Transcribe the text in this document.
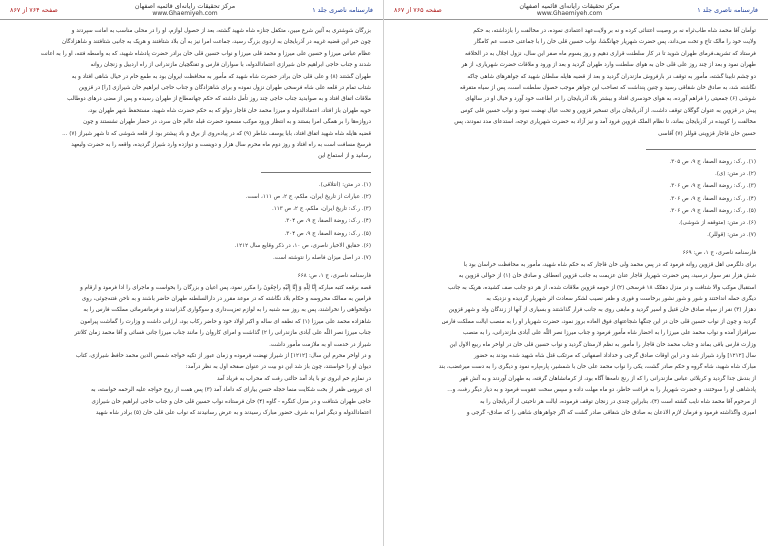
فارسنامه ناصری جلد ۱
مرکز تحقیقات رایانه‌ای قائمیه اصفهان
www.Ghaemiyeh.com
صفحه ۷۶۴ از ۸۶۷
بزرگان شوشتری به آئین شرع مبین، متکفل جنازه شاه شهید گشته، بعد از حصول لوازم، او را در محلی مناسب به امانت سپردند و
چون خبر این قضیه غریبه در آذربایجان به اردوی بزرگ رسید، جماعت امرا نیز به آن بلاد شتافتند و هریک به جانبی شتافتند و شاهزادگان
عظام عباس میرزا و حسین علی میرزا و محمد قلی میرزا و نواب حسین قلی خان برادر حضرت پادشاه شهید، که به واسطه فتنه، او را به اعانت
شدند و جناب حاجی ابراهیم خان شیرازی اعتمادالدوله، با سواران فارس و تفنگچیان مازندرانی از راه اردبیل و زنجان روانه
طهران گشتند (۸) و علی قلی خان برادر حضرت شاه شهید که مأمور به محافظت ایروان بود به طمع خام در خیال شاهی افتاد و به
شتاب تمام در قلعه علی شاه فرسخی طهران نزول نموده و برای شاهزادگان و جناب حاجی ابراهیم خان شیرازی [را] در قزوین
ملاقات اتفاق افتاد و به صوابدید جناب حاجی چند روز تأمل داشته که حکم جهانمطاع از طهران رسیده و پس از مضی درهای دوطالب
حویه طهران باز افتاد، اعتمادالدوله و میرزا محمد خان قاجار دولو که به حکم حضرت شاه شهید، مستحفظ شهر طهران بود،
دروازه‌ها را بر همگی امرا بستند و به انتظار ورود موکب مسعود حضرت قبله عالم خان سرد، در حضار طهران نشستند و چون
قضیه هایله شاه شهید اتفاق افتاد، بابا یوسف شاطر (۹) که در پیاده‌روی از برق و باد پیشتر بود از قلعه شوشی که تا شهر شیراز (۷) ...
فرسخ مسافت است به راه افتاد و روز دوم ماه محرم سال هزار و دویست و دوازده وارد شیراز گردیده، واقعه را به حضرت ولیعهد
رسانید و از استماع این
(۱). در متن: (انتلاقی).
(۲). عبارات از تاریخ ایران، ملکم، ج ۲، ص ۱۱۱، است.
(۳). ر.ک: تاریخ ایران، ملکم، ج ۲، ص ۱۱۳.
(۴). ر.ک: روضة الصفا، ج ۹، ص ۳۰۴.
(۵). ر.ک: روضة الصفا، ج ۹، ص ۳۰۴.
(۶). حقایق الاخبار ناصری، ص ۱۰، در ذکر وقایع سال ۱۲۱۲.
(۷). در اصل میزان فاصله را نتوشته است.
فارسنامه ناصری، ج ۱، ص: ۶۶۸
قصه برقعه کتبه مبارکه إِنَّا لِلَّهِ وَ إِنَّا إِلَيْهِ راجِعُونَ را مکرر نمود، پس اعیان و بزرگان را بخواست و ماجرای را ادا فرمود و ارقام و
فرامین به ممالک محروسه و حکام بلاد نگاشته که در موعد مقرر در دارالسلطنه طهران حاضر باشند و به ناخن فتنه‌جوئی، روی
دولتخواهی را نخراشند، پس به روز سه شنبه را به لوازم تعزیت‌داری و سوگواری گذرانیدند و فرمانفرمائی مملکت فارس را به
شاهزاده محمد علی میرزا (۱) که نطفه ای ساله و اکبر اولاد خود و حاضر رکاب بود، ارزانی داشت و وزارت را گماشت پیرامون
جناب میرزا نصر اللّه علی آبادی مازندرانی را ۲) گذاشت و امرای کاروان را مانند جناب میرزا جانی فسائی و آقا محمد زمان کلانتر
شیراز در خدمت او به ملازمت مأمور داشت.
و در اواخر محرم این سال: [۱۲۱۲] از شیراز نهضت فرموده و زمان عبور از تکیه خواجه شمس الدین محمد حافظ شیرازی، کتاب
دیوان او را خواستند، چون باز شد این دو بیت در عنوان صفحه اول به نظر درآمد:
در نمازم خم ابروی تو با یاد آمد حالتی رفت که محراب به فریاد آمد
ای عروس ظفر از بخت شکایت منما حجله حسن بیارای که داماد آمد (۳) پس همت از روح خواجه علیه الرحمه خواسته، به
حاجی طهران شتافت و در منزل کنگره - گاوه (۴) خان فرستاده نواب حسین قلی خان و جناب حاجی ابراهیم خان شیرازی
اعتمادالدوله و دیگر امرا به شرف حضور مبارک رسیدند و به عرض رسانیدند که نواب علی قلی خان (۵) برادر شاه شهید
فارسنامه ناصری جلد ۱
مرکز تحقیقات رایانه‌ای قائمیه اصفهان
www.Ghaemiyeh.com
صفحه ۷۶۵ از ۸۶۷
توأمان آقا محمد شاه طاب‌ثراه نه بر وصیت اعتنائی کرده و نه بر ولایت‌عهد اعتمادی نموده، در مخالفت را بازداشته، به حکم
ولایت خود را مالک تاج و تخت می‌داند، پس حضرت شهریار جهانگشا، نواب حسین قلی خان را با جماعتی خدمت عم کامگار
فرستاد که تشریف‌فرمای طهران شوید تا در کار سلطنت قراری دهیم و روز یسوم ماه صفر این سال، نزول اجلال به در الخلافه
طهران نمود و بعد از چند روز علی قلی خان به هوای سلطنت وارد طهران گردید و بعد از ورود و ملاقات حضرت شهریاری، از هر
دو چشم نابینا گشته، مأمور به توقف در بارفروش مازندران گردید و بعد از قضیه هایله سلطان شهید که جواهرهای شاهی چاکه
نگاشته شد، به صادق خان شقاقی رسید و چنین پنداشت که تصاحب این جواهر موجب حصول سلطنت است، پس از سیاه متفرقه
شوشی (۶) جمعیتی را فراهم آورده، به هوای خودسری افتاد و بیشتر بلاد آذربایجان را در اطاعت خود آورد و خیال او در سالهای
پیش در قزوین به عنوان گوگلان توقف داشت، از آذربایجان برای تسخیر قزوین و تحت عیال نهضت نمود و نواب حسین قلی کوس
مخالفت را کوبیده در آذربایجان بماند، تا نظام الملک قزوین فرود آمد و نیز آزاد به حضرت شهریاری توجه، استدعای مدد نمودند، پس
حسین خان قاجار قزوینی قوللر (۷) آقاسی
(۱). ر.ک: روضة الصفا، ج ۹، ص ۳۰۵.
(۲). در متن: (ی).
(۳). ر.ک: روضة الصفا، ج ۹، ص ۳۰۶.
(۴). ر.ک: روضة الصفا، ج ۹، ص ۳۰۶.
(۵). ر.ک: روضة الصفا، ج ۹، ص ۳۰۶.
(۶). در متن: (متوقفه از شوشی).
(۷). در متن: (قوللر).
فارسنامه ناصری، ج ۱، ص: ۶۶۹
برای دلگرمی اهل قزوین روانه فرمود که در پس محمد ولی خان قاجار که به حکم شاه شهید، مأمور به محافظت خراسان بود با
شش هزار نفر سوار درسید، پس حضرت شهریار قاجار عنان عزیمت به جانب قزوین انعطاف و صادق خان (۱) از حوالی قزوین به
استقبال موکب والا شتافت و در منزل دهکک ۱۸ فرسخی (۲) از حومه قزوین ملاقات شده، از هر دو جانب صف کشیده، هریک به جانب
دیگری حمله انداختند و شور و شور نشور برخاست و فوری و ظفر نصیب لشکر سعادت اثر شهریار گردیده و نزدیک به
دهزار (۳) نفر از سپاه صادق خان قتیل و اسیر گردید و مابقی روی به جانب فرار گذاشتند و بسیاری از آنها از زندگان ولد و شهر قزوین
گردید و چون از نواب حسین قلی خان در این جنگها شجاعتهای فوق العاده بروز نمود، حضرت شهریار او را به منصب ایالت مملکت فارس
سرافراز آمده و نواب محمد علی میرزا را به احضار شاه مأمور فرمود و جناب میرزا نصر اللّه علی آبادی مازندرانی، را به منصب
وزارت فارس باقی بماند و جناب محمد خان قاجار را مأمور به نظم لارستان گردید و نواب حسین قلی خان در اواخر ماه ربیع الاول این
سال [۱۲۱۲] وارد شیراز شد و در این اوقات صادق گرجی و خداداد اصفهانی که مرتکب قتل شاه شهید شده بودند به حضور
مبارک شاه شهید، شاه گروه و حکم صادر گشت، یکی را نواب محمد علی خان با شمشیر، پاره‌پاره نمود و دیگری را به دست میرغضب، بند
از بندش جدا گردید و کربلائی عباس مازندرانی را که از رنج نامه‌ها آگاه بود، از کرمانشاهان گرفته، به طهران آوردند و به آتش قهر
پادشاهی او را سوختند، و حضرت شهریار را به فراغت خاطر، دو ماه مهلت داده و سپس سخت عقوبت فرمود و به دیار دیگر رفت، و...
از مرحوم آقا محمد شاه نایب گشته است (۴)، بنابراین چندی در زنجان توقف فرموده، ایالت هر ناحیتی از آذربایجان را به
امیری واگذاشته فرمود و فرمان لازم الاذعان به صادق خان شقاقی صادر گشت که اگر جواهرهای شاهی را که صادق- گرجی و
